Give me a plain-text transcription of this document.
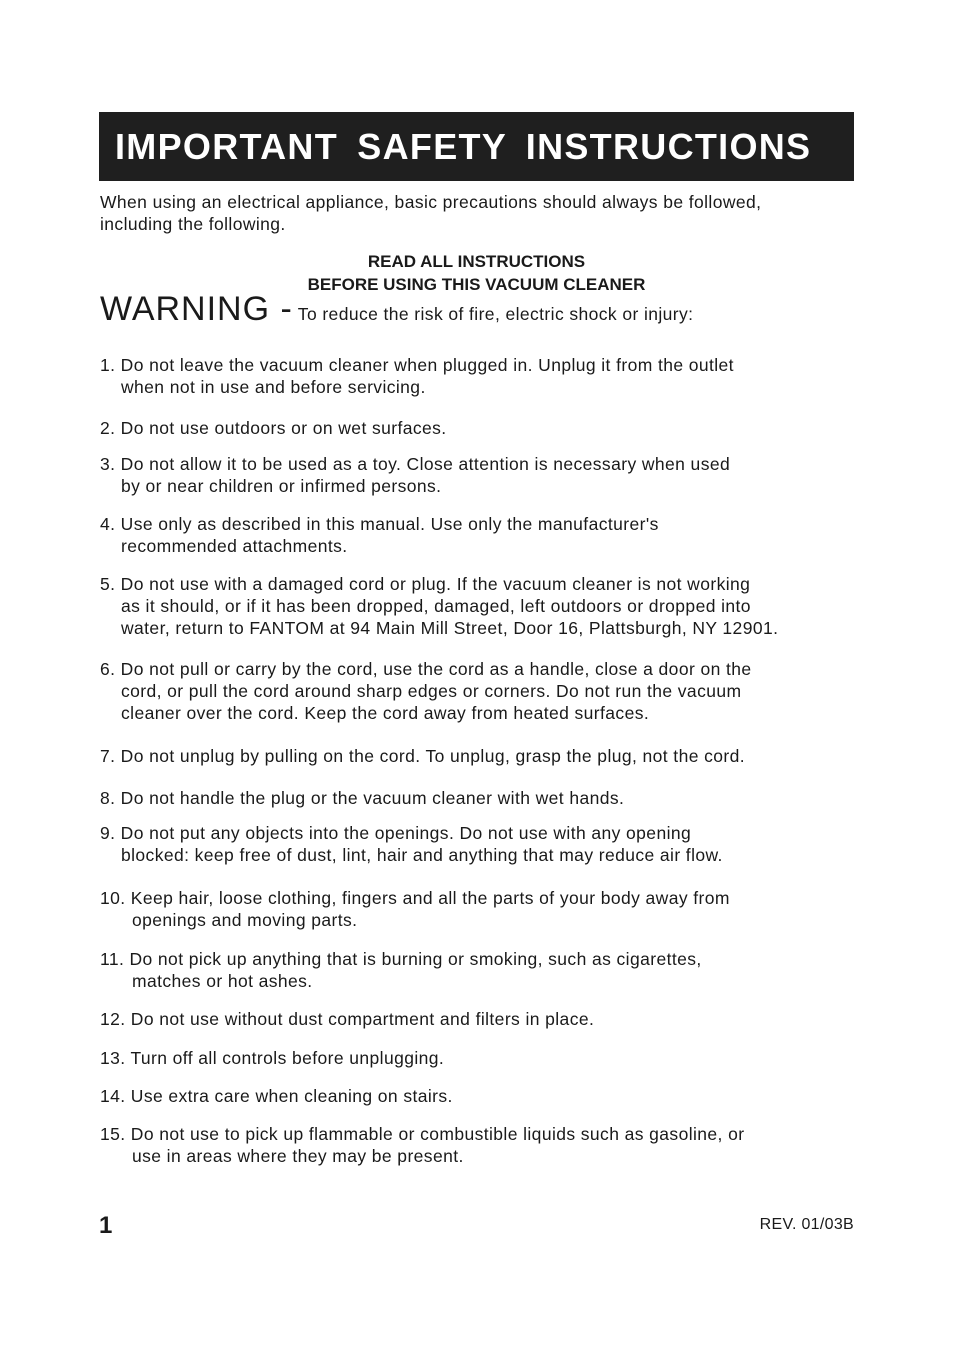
IMPORTANT SAFETY INSTRUCTIONS
When using an electrical appliance, basic precautions should always be followed, including the following.
READ ALL INSTRUCTIONS
BEFORE USING THIS VACUUM CLEANER
WARNING - To reduce the risk of fire, electric shock or injury:
1. Do not leave the vacuum cleaner when plugged in. Unplug it from the outlet
when not in use and before servicing.
2. Do not use outdoors or on wet surfaces.
3. Do not allow it to be used as a toy. Close attention is necessary when used
by or near children or infirmed persons.
4. Use only as described in this manual. Use only the manufacturer's
recommended attachments.
5. Do not use with a damaged cord or plug. If the vacuum cleaner is not working
as it should, or if it has been dropped, damaged, left outdoors or dropped into
water, return to FANTOM at 94 Main Mill Street, Door 16, Plattsburgh, NY 12901.
6. Do not pull or carry by the cord, use the cord as a handle, close a door on the
cord, or pull the cord around sharp edges or corners. Do not run the vacuum
cleaner over the cord. Keep the cord away from heated surfaces.
7. Do not unplug by pulling on the cord. To unplug, grasp the plug, not the cord.
8. Do not handle the plug or the vacuum cleaner with wet hands.
9. Do not put any objects into the openings. Do not use with any opening
blocked: keep free of dust, lint, hair and anything that may reduce air flow.
10. Keep hair, loose clothing, fingers and all the parts of your body away from
openings and moving parts.
11. Do not pick up anything that is burning or smoking, such as cigarettes,
matches or hot ashes.
12. Do not use without dust compartment and filters in place.
13. Turn off all controls before unplugging.
14. Use extra care when cleaning on stairs.
15. Do not use to pick up flammable or combustible liquids such as gasoline, or
use in areas where they may be present.
1	REV. 01/03B
